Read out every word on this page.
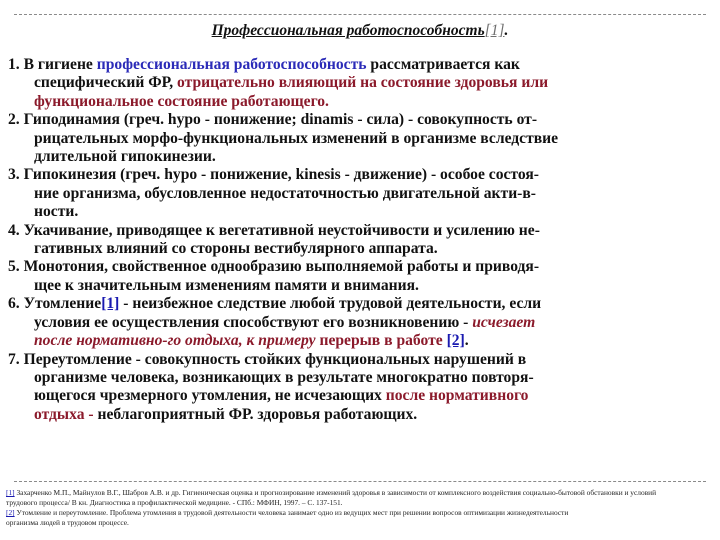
Профессиональная работоспособность[1].
1. В гигиене профессиональная работоспособность рассматривается как
специфический ФР, отрицательно влияющий на состояние здоровья или
функциональное состояние работающего.
2. Гиподинамия (греч. hypo - понижение; dinamis - сила) - совокупность от-
рицательных морфо-функциональных изменений в организме вследствие
длительной гипокинезии.
3. Гипокинезия (греч. hypo - понижение, kinesis - движение) - особое состоя-
ние организма, обусловленное недостаточностью двигательной акти-в-
ности.
4. Укачивание, приводящее к вегетативной неустойчивости и усилению не-
гативных влияний со стороны вестибулярного аппарата.
5. Монотония, свойственное однообразию выполняемой работы и приводя-
щее к значительным изменениям памяти и внимания.
6. Утомление[1] - неизбежное следствие любой трудовой деятельности, если
условия ее осуществления способствуют его возникновению - исчезает
после нормативно-го отдыха, к примеру перерыв в работе [2].
7. Переутомление - совокупность стойких функциональных нарушений в
организме человека, возникающих в результате многократно повторя-
ющегося чрезмерного утомления, не исчезающих после нормативного
отдыха - неблагоприятный ФР. здоровья работающих.
[1] Захарченко М.П., Майнулов В.Г., Шабров А.В. и др. Гигиеническая оценка и прогнозирование изменений здоровья в зависимости от комплексного воздействия социально-бытовой обстановки и условий
трудового процесса/ В кн. Диагностика в профилактической медицине. - СПб.: МФИН, 1997. – С. 137-151.
[2] Утомление и переутомление. Проблема утомления в трудовой деятельности человека занимает одно из ведущих мест при решении вопросов оптимизации жизнедеятельности
организма людей в трудовом процессе.
